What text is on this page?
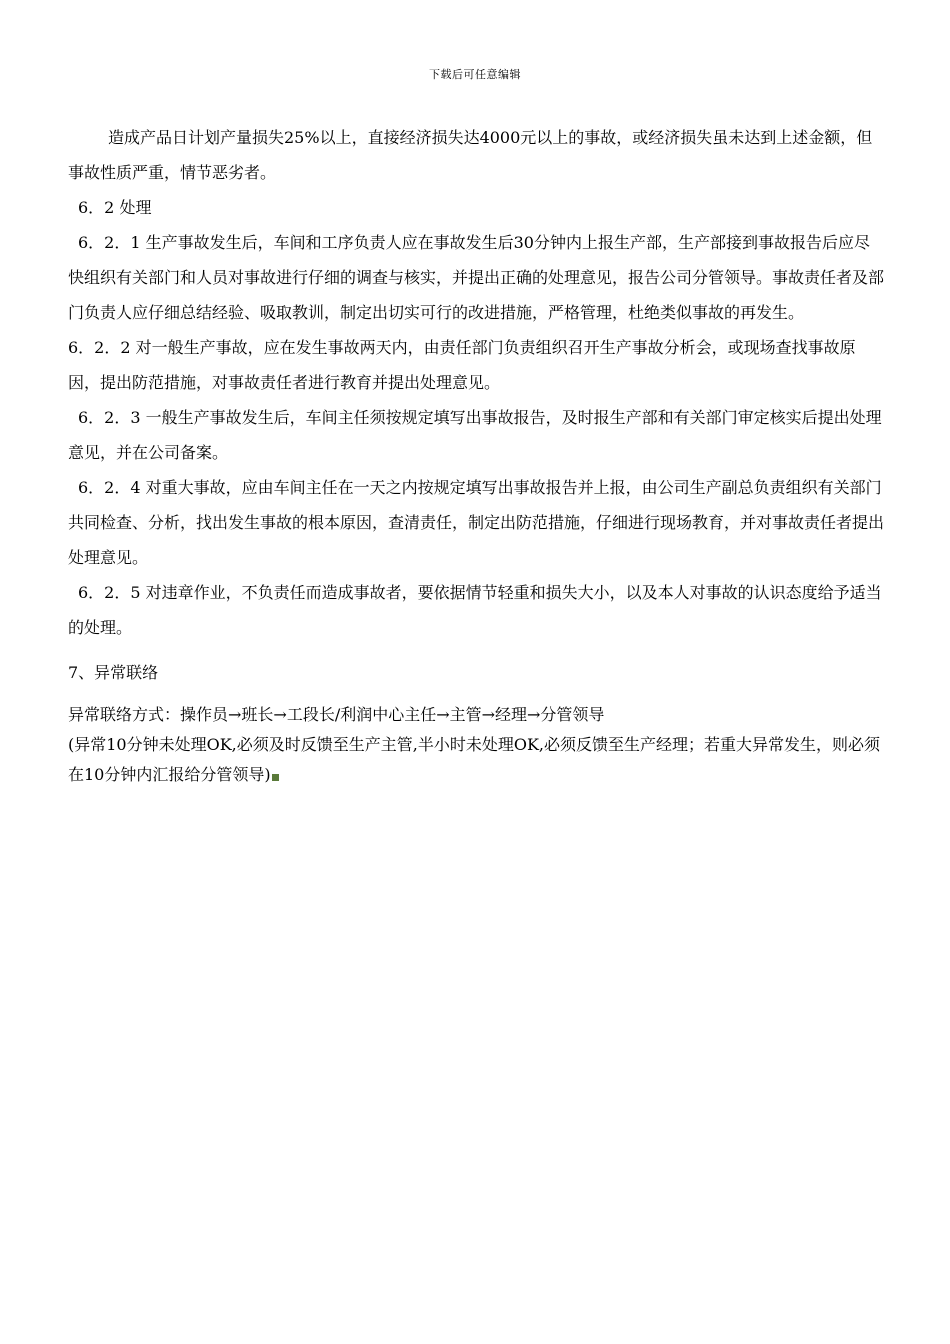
下载后可任意编辑

造成产品日计划产量损失25%以上，直接经济损失达4000元以上的事故，或经济损失虽未达到上述金额，但事故性质严重，情节恶劣者。

6．2 处理

6．2．1 生产事故发生后，车间和工序负责人应在事故发生后30分钟内上报生产部，生产部接到事故报告后应尽快组织有关部门和人员对事故进行仔细的调查与核实，并提出正确的处理意见，报告公司分管领导。事故责任者及部门负责人应仔细总结经验、吸取教训，制定出切实可行的改进措施，严格管理，杜绝类似事故的再发生。

6．2．2 对一般生产事故，应在发生事故两天内，由责任部门负责组织召开生产事故分析会，或现场查找事故原因，提出防范措施，对事故责任者进行教育并提出处理意见。

6．2．3 一般生产事故发生后，车间主任须按规定填写出事故报告，及时报生产部和有关部门审定核实后提出处理意见，并在公司备案。

6．2．4 对重大事故，应由车间主任在一天之内按规定填写出事故报告并上报，由公司生产副总负责组织有关部门共同检查、分析，找出发生事故的根本原因，查清责任，制定出防范措施，仔细进行现场教育，并对事故责任者提出处理意见。

6．2．5 对违章作业，不负责任而造成事故者，要依据情节轻重和损失大小，以及本人对事故的认识态度给予适当的处理。

7、异常联络

异常联络方式：操作员→班长→工段长/利润中心主任→主管→经理→分管领导

(异常10分钟未处理OK,必须及时反馈至生产主管,半小时未处理OK,必须反馈至生产经理；若重大异常发生，则必须在10分钟内汇报给分管领导)
